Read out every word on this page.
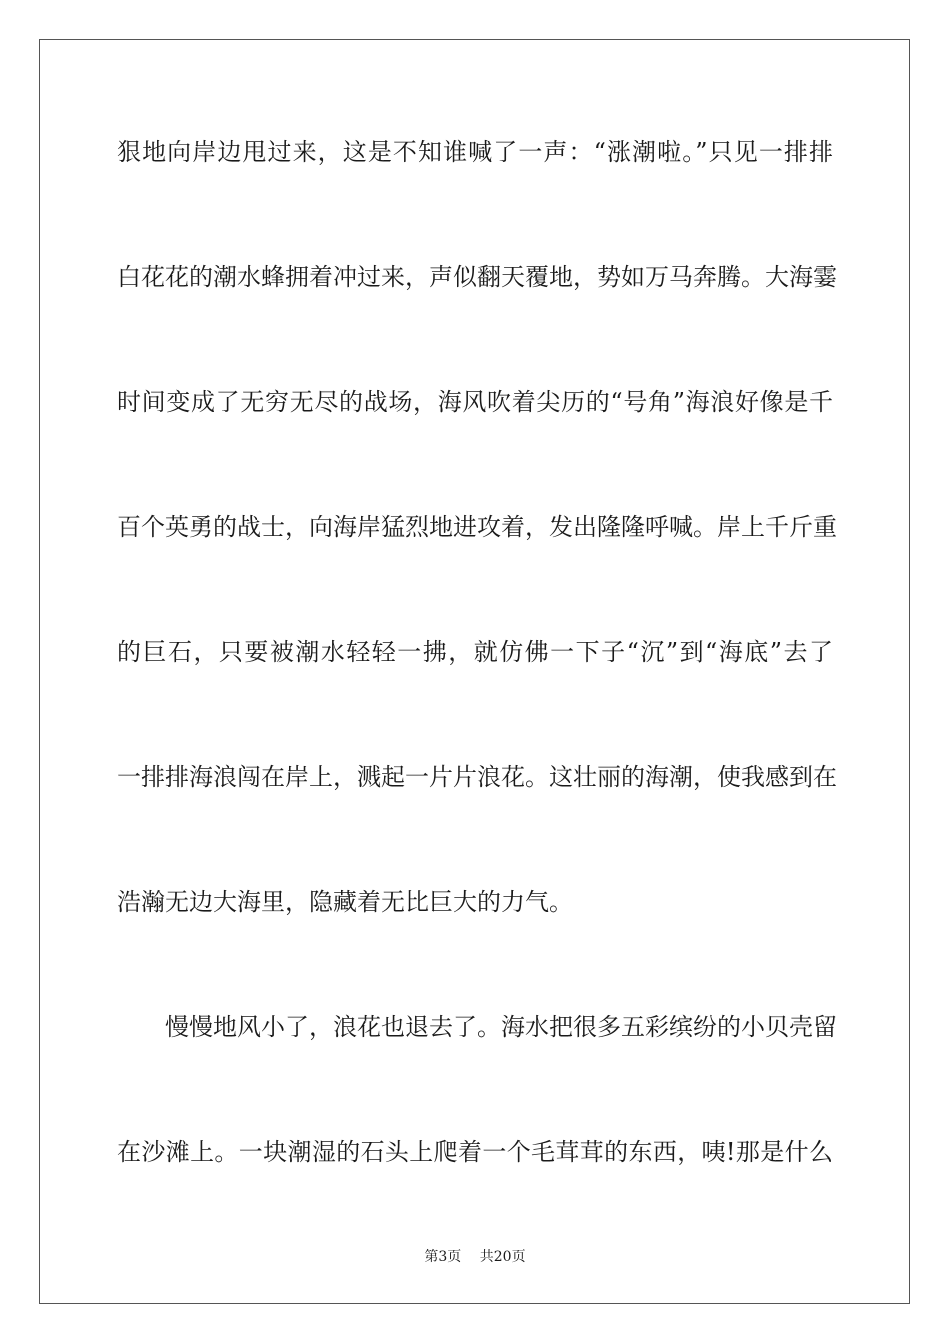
狠地向岸边甩过来，这是不知谁喊了一声：“涨潮啦。”只见一排排
白花花的潮水蜂拥着冲过来，声似翻天覆地，势如万马奔腾。大海霎
时间变成了无穷无尽的战场，海风吹着尖历的“号角”海浪好像是千
百个英勇的战士，向海岸猛烈地进攻着，发出隆隆呼喊。岸上千斤重
的巨石，只要被潮水轻轻一拂，就仿佛一下子“沉”到“海底”去了
一排排海浪闯在岸上，溅起一片片浪花。这壮丽的海潮，使我感到在
浩瀚无边大海里，隐藏着无比巨大的力气。
慢慢地风小了，浪花也退去了。海水把很多五彩缤纷的小贝壳留
在沙滩上。一块潮湿的石头上爬着一个毛茸茸的东西，咦!那是什么
第3页 共20页
